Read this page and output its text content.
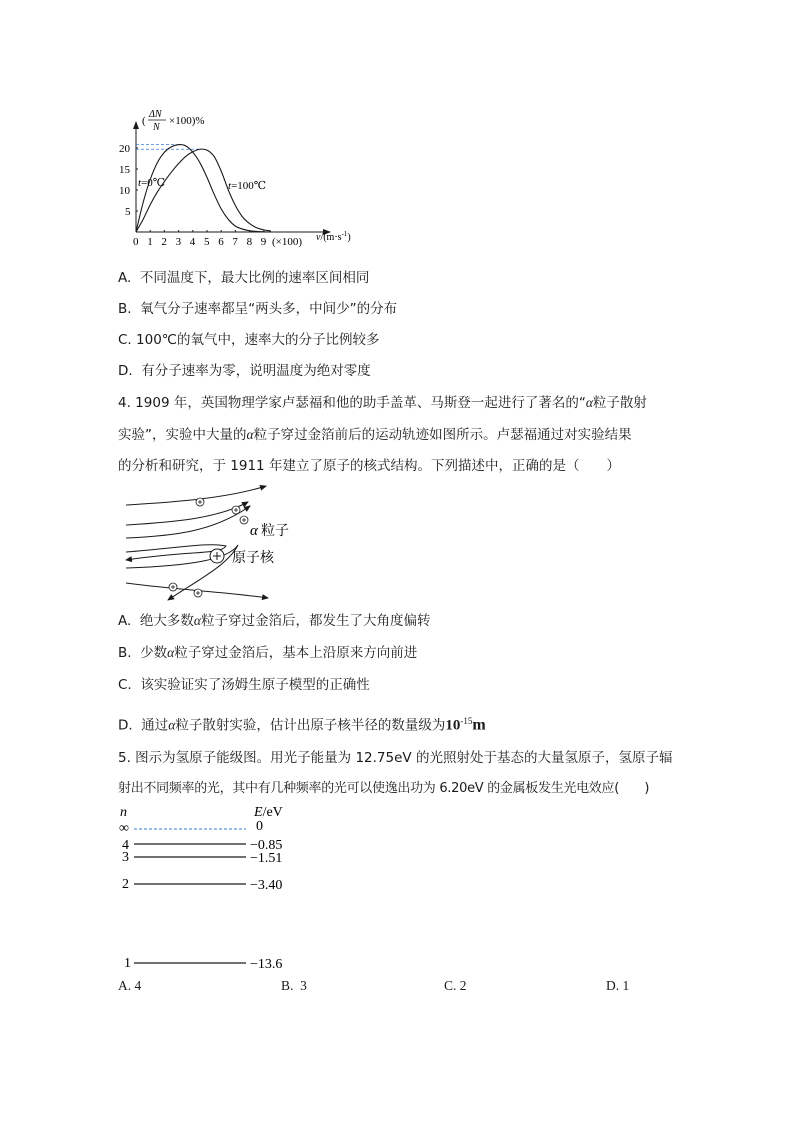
(
ΔN
N
×100)%
$v/(m\cdot s^{-1})$
0 1 2 3 4 5 6 7 8 9 (×100)
5
10
15
20
t=0℃	t=100℃
A. 不同温度下，最大比例的速率区间相同
B. 氧气分子速率都呈“两头多，中间少”的分布
C. 100℃的氧气中，速率大的分子比例较多
D. 有分子速率为零，说明温度为绝对零度
4. 1909 年，英国物理学家卢瑟福和他的助手盖革、马斯登一起进行了著名的“α粒子散射
实验”，实验中大量的α粒子穿过金箔前后的运动轨迹如图所示。卢瑟福通过对实验结果
的分析和研究，于 1911 年建立了原子的核式结构。下列描述中，正确的是（　　）
α 粒子
原子核
A. 绝大多数α粒子穿过金箔后，都发生了大角度偏转
B. 少数α粒子穿过金箔后，基本上沿原来方向前进
C. 该实验证实了汤姆生原子模型的正确性
D. 通过α粒子散射实验，估计出原子核半径的数量级为$10^{-15}m$
5. 图示为氢原子能级图。用光子能量为 12.75eV 的光照射处于基态的大量氢原子，氢原子辐
射出不同频率的光，其中有几种频率的光可以使逸出功为 6.20eV 的金属板发生光电效应(　　)
n	E/eV
∞	0
4	−0.85
3	−1.51
2	−3.40
1	−13.6
A. 4	B. 3	C. 2	D. 1
